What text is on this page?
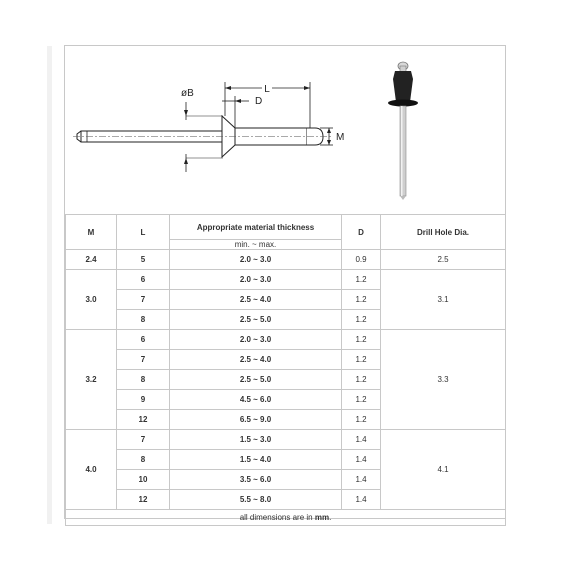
L
D
øB
M
M	L	Appropriate material thickness	D	Drill Hole Dia.
		min. ~ max.		
2.4	5	2.0 ~ 3.0	0.9	2.5
3.0	6	2.0 ~ 3.0	1.2	3.1
	7	2.5 ~ 4.0	1.2	
	8	2.5 ~ 5.0	1.2	
3.2	6	2.0 ~ 3.0	1.2	3.3
	7	2.5 ~ 4.0	1.2	
	8	2.5 ~ 5.0	1.2	
	9	4.5 ~ 6.0	1.2	
	12	6.5 ~ 9.0	1.2	
4.0	7	1.5 ~ 3.0	1.4	4.1
	8	1.5 ~ 4.0	1.4	
	10	3.5 ~ 6.0	1.4	
	12	5.5 ~ 8.0	1.4	
all dimensions are in mm.				
